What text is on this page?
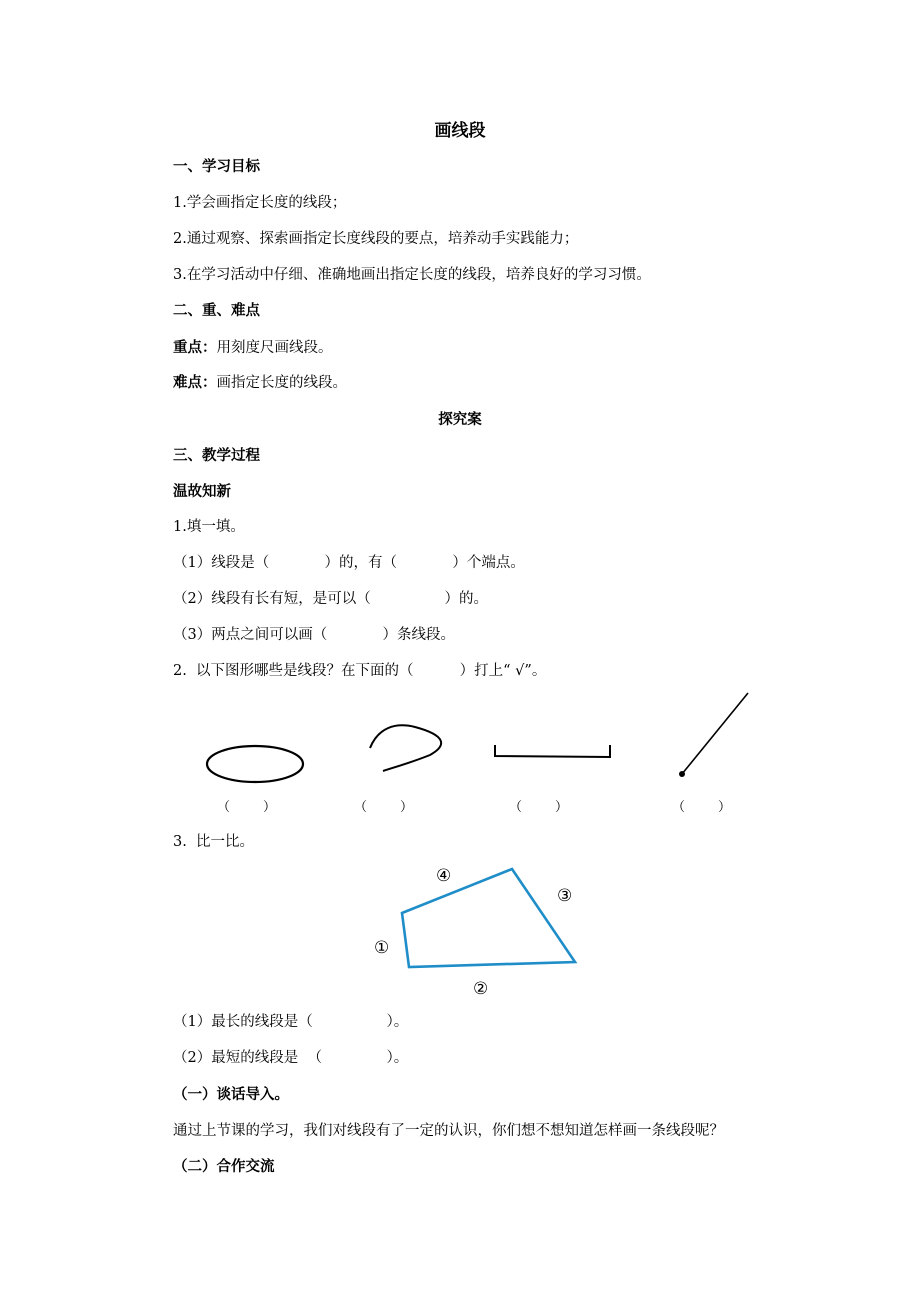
画线段
一、学习目标
1.学会画指定长度的线段；
2.通过观察、探索画指定长度线段的要点，培养动手实践能力；
3.在学习活动中仔细、准确地画出指定长度的线段，培养良好的学习习惯。
二、重、难点
重点：用刻度尺画线段。
难点：画指定长度的线段。
探究案
三、教学过程
温故知新
1.填一填。
（1）线段是（            ）的，有（            ）个端点。
（2）线段有长有短，是可以（                ）的。
（3）两点之间可以画（            ）条线段。
2.  以下图形哪些是线段？在下面的（          ）打上“ √”。
（        ）	（        ）	（        ）	（        ）
3.  比一比。
①
②
③
④
（1）最长的线段是（                ）。
（2）最短的线段是  （              ）。
（一）谈话导入。
通过上节课的学习，我们对线段有了一定的认识，你们想不想知道怎样画一条线段呢？
（二）合作交流
